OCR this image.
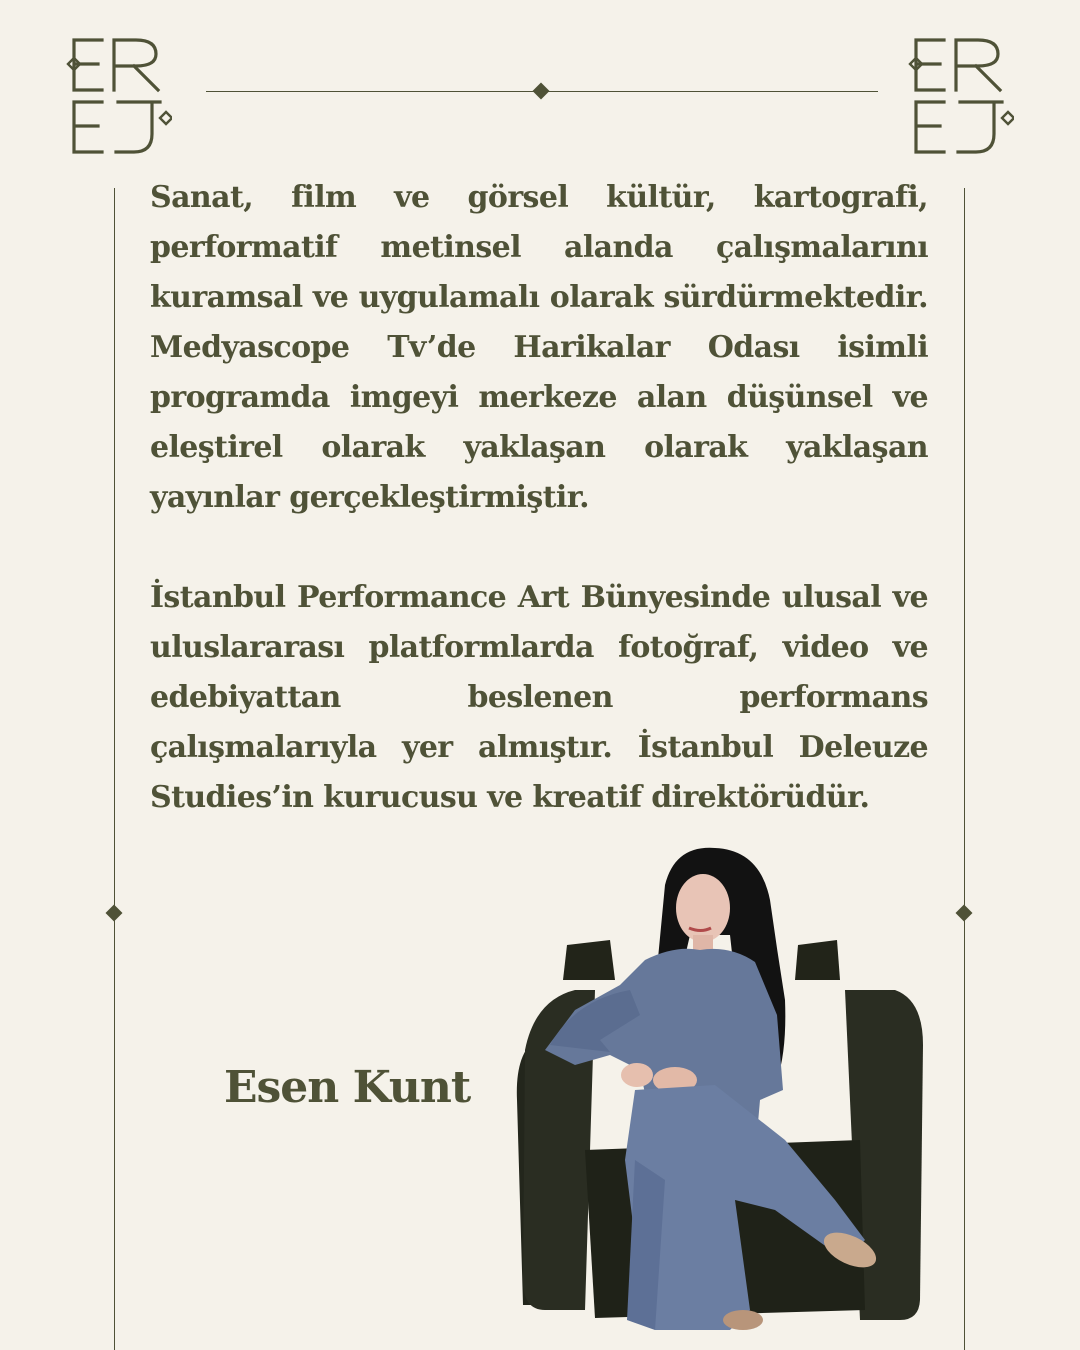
Sanat, film ve görsel kültür, kartografi, performatif metinsel alanda çalışmalarını kuramsal ve uygulamalı olarak sürdürmektedir. Medyascope Tv’de Harikalar Odası isimli programda imgeyi merkeze alan düşünsel ve eleştirel olarak yaklaşan olarak yaklaşan yayınlar gerçekleştirmiştir.

İstanbul Performance Art Bünyesinde ulusal ve uluslararası platformlarda fotoğraf, video ve edebiyattan beslenen performans çalışmalarıyla yer almıştır. İstanbul Deleuze Studies’in kurucusu ve kreatif direktörüdür.

Esen Kunt
